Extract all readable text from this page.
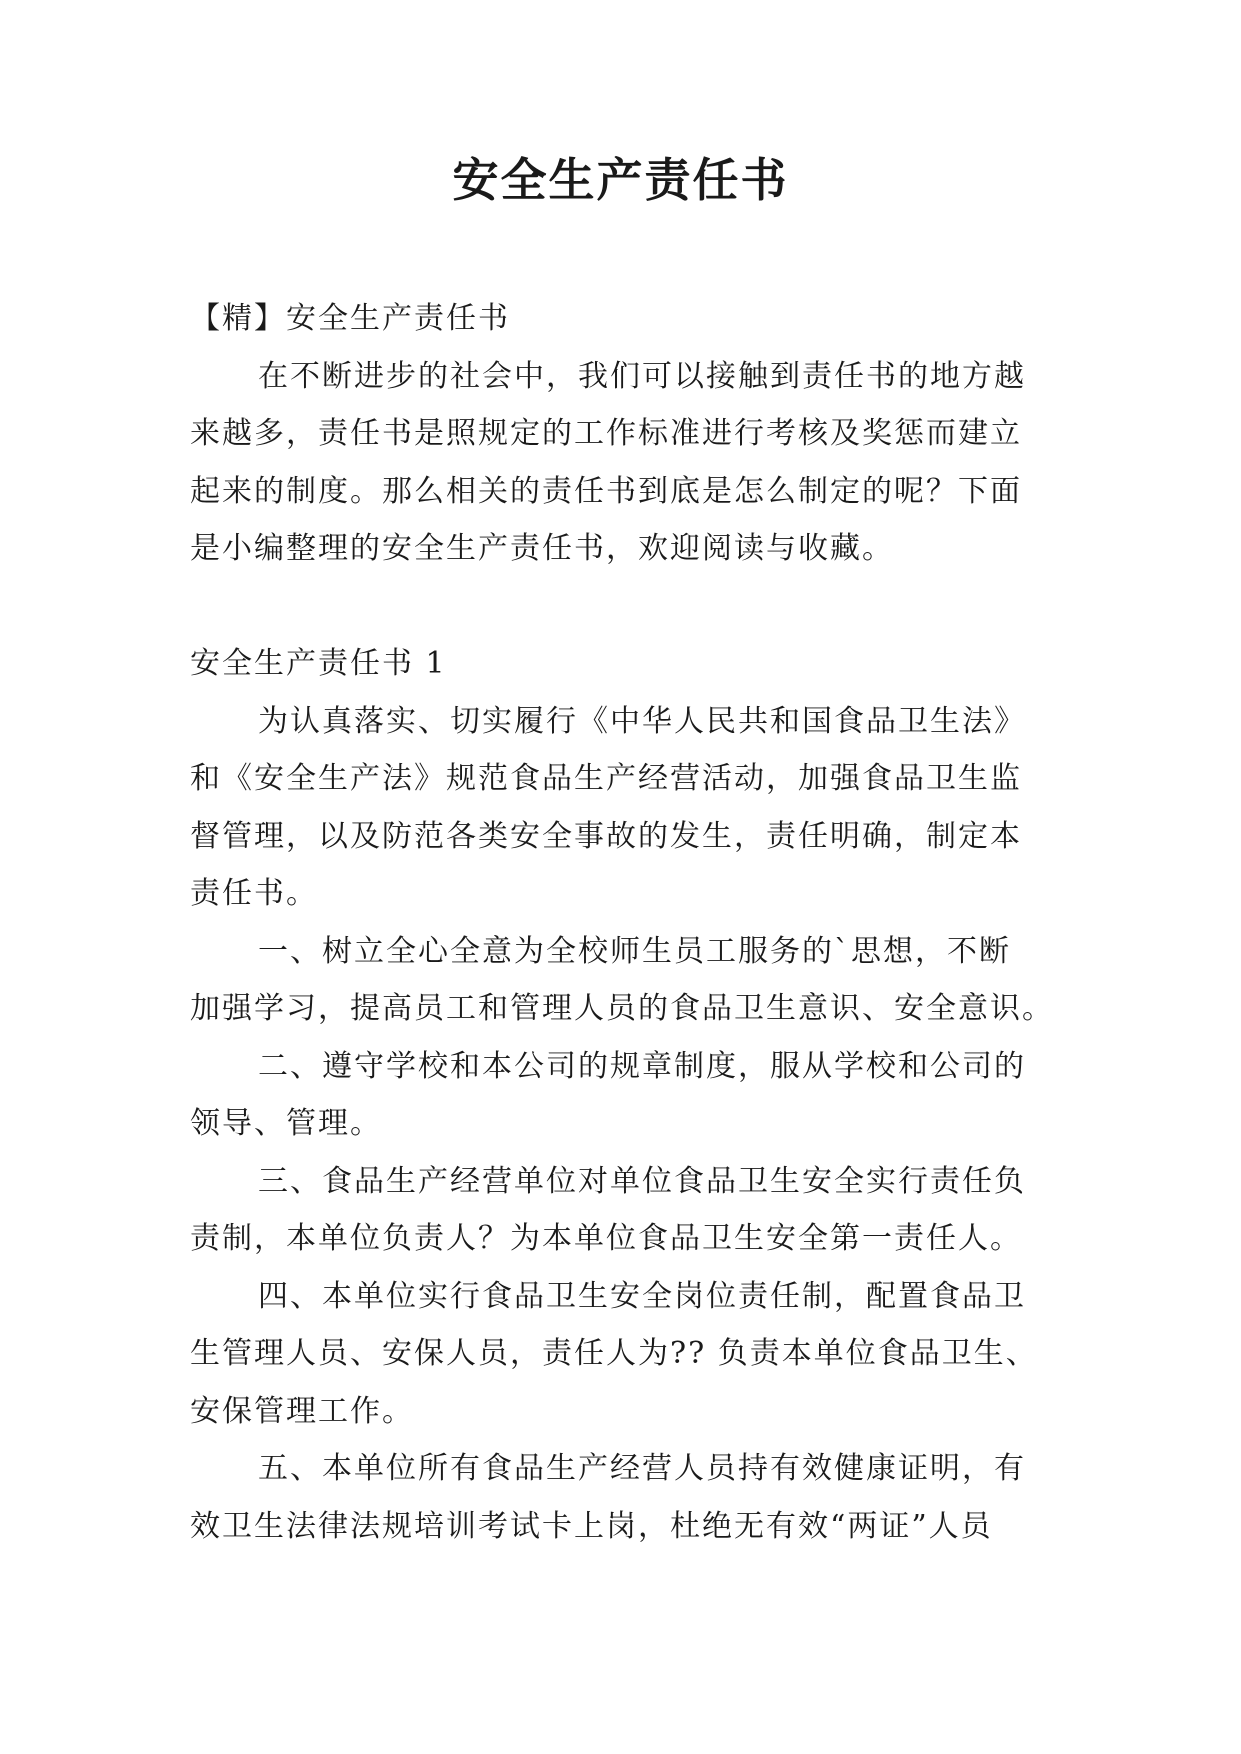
安全生产责任书
【精】安全生产责任书
在不断进步的社会中，我们可以接触到责任书的地方越
来越多，责任书是照规定的工作标准进行考核及奖惩而建立
起来的制度。那么相关的责任书到底是怎么制定的呢？下面
是小编整理的安全生产责任书，欢迎阅读与收藏。
安全生产责任书 1
为认真落实、切实履行《中华人民共和国食品卫生法》
和《安全生产法》规范食品生产经营活动，加强食品卫生监
督管理，以及防范各类安全事故的发生，责任明确，制定本
责任书。
一、树立全心全意为全校师生员工服务的`思想，不断
加强学习，提高员工和管理人员的食品卫生意识、安全意识。
二、遵守学校和本公司的规章制度，服从学校和公司的
领导、管理。
三、食品生产经营单位对单位食品卫生安全实行责任负
责制，本单位负责人？为本单位食品卫生安全第一责任人。
四、本单位实行食品卫生安全岗位责任制，配置食品卫
生管理人员、安保人员，责任人为?? 负责本单位食品卫生、
安保管理工作。
五、本单位所有食品生产经营人员持有效健康证明，有
效卫生法律法规培训考试卡上岗，杜绝无有效“两证”人员
